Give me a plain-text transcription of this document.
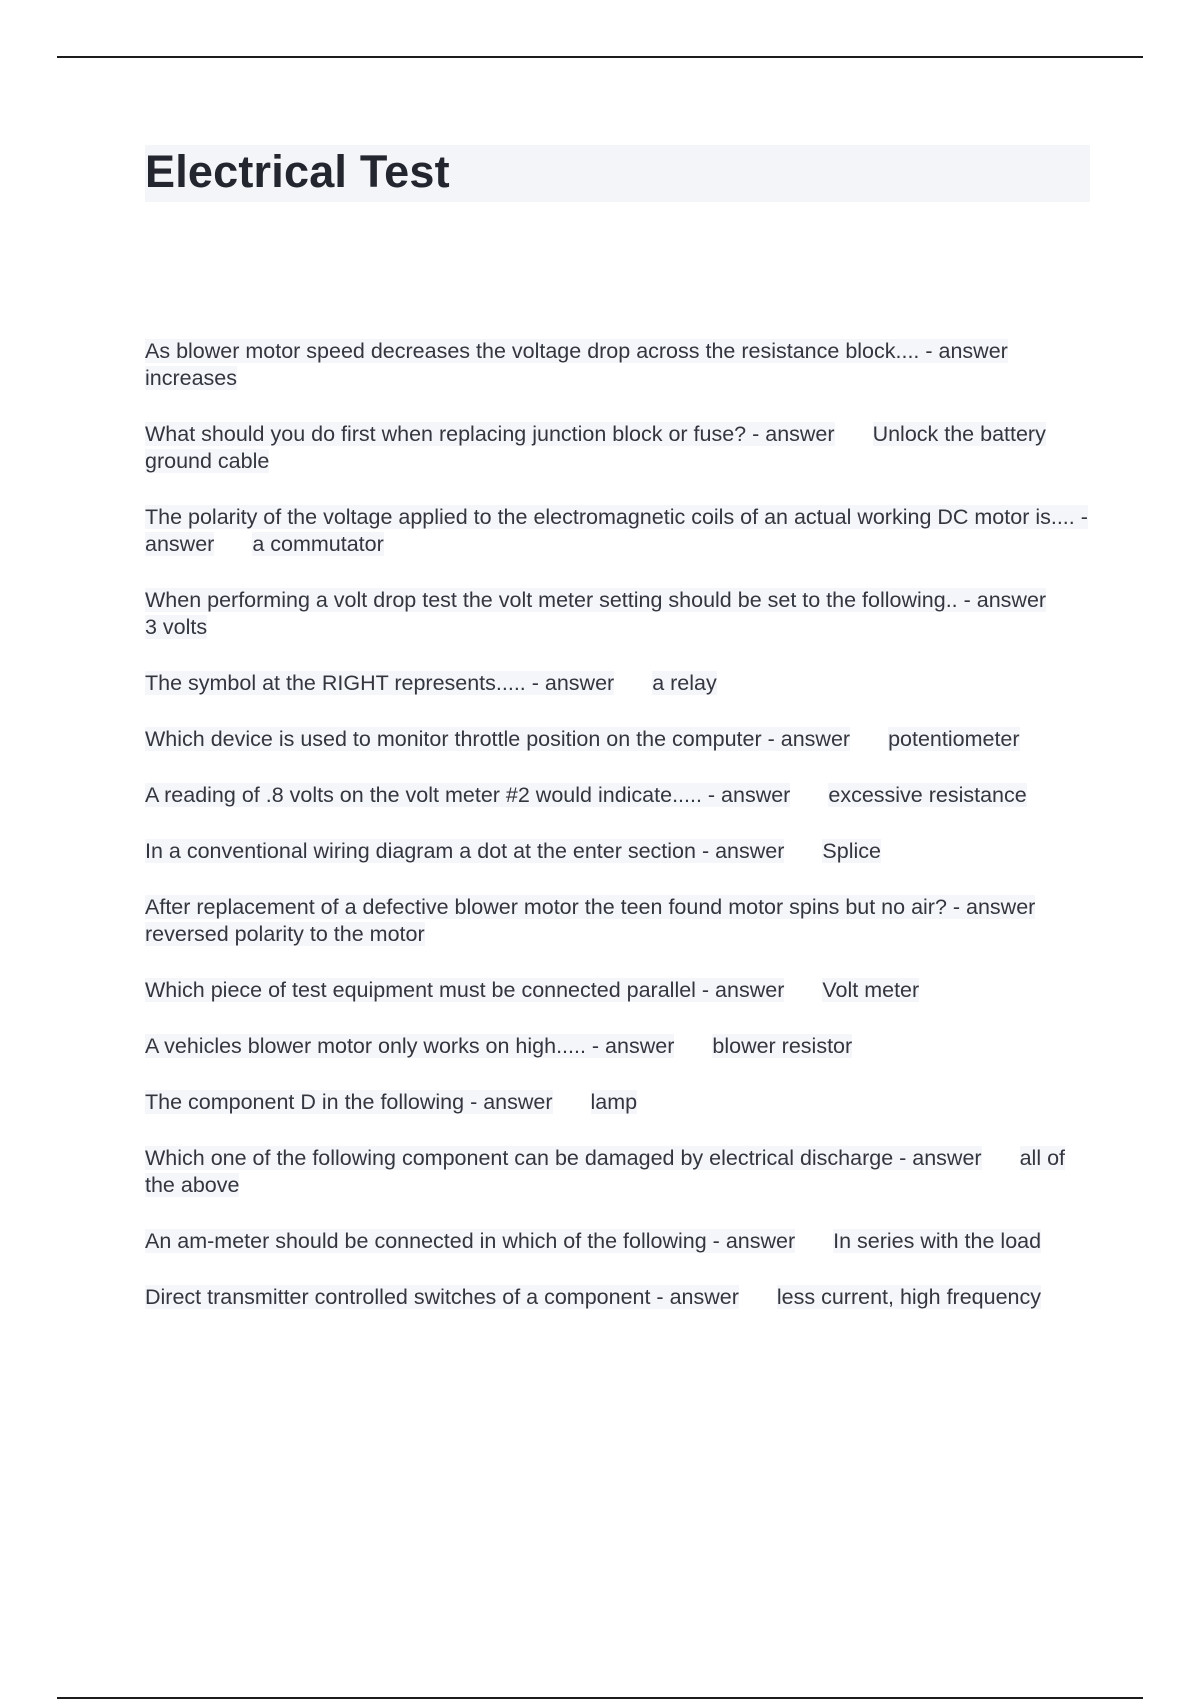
Electrical Test

As blower motor speed decreases the voltage drop across the resistance block.... - answerincreases

What should you do first when replacing junction block or fuse? - answer Unlock the battery ground cable

The polarity of the voltage applied to the electromagnetic coils of an actual working DC motor is.... - answer a commutator

When performing a volt drop test the volt meter setting should be set to the following.. - answer3 volts

The symbol at the RIGHT represents..... - answer a relay

Which device is used to monitor throttle position on the computer - answer potentiometer

A reading of .8 volts on the volt meter #2 would indicate..... - answer excessive resistance

In a conventional wiring diagram a dot at the enter section - answer Splice

After replacement of a defective blower motor the teen found motor spins but no air? - answerreversed polarity to the motor

Which piece of test equipment must be connected parallel - answer Volt meter

A vehicles blower motor only works on high..... - answer blower resistor

The component D in the following - answer lamp

Which one of the following component can be damaged by electrical discharge - answer all of the above

An am-meter should be connected in which of the following - answer In series with the load

Direct transmitter controlled switches of a component - answer less current, high frequency
